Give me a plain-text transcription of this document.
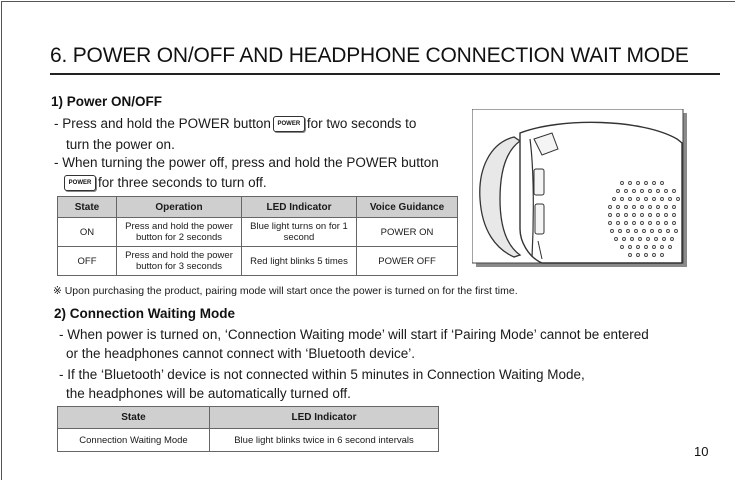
6. POWER ON/OFF AND HEADPHONE CONNECTION WAIT MODE
1) Power ON/OFF
- Press and hold the POWER button POWER for two seconds to
turn the power on.
- When turning the power off, press and hold the POWER button
POWER for three seconds to turn off.
State	Operation	LED Indicator	Voice Guidance
ON	Press and hold the power button for 2 seconds	Blue light turns on for 1 second	POWER ON
OFF	Press and hold the power button for 3 seconds	Red light blinks 5 times	POWER OFF
※ Upon purchasing the product, pairing mode will start once the power is turned on for the first time.
2) Connection Waiting Mode
- When power is turned on, ‘Connection Waiting mode’ will start if ‘Pairing Mode’ cannot be entered
or the headphones cannot connect with ‘Bluetooth device’.
- If the ‘Bluetooth’ device is not connected within 5 minutes in Connection Waiting Mode,
the headphones will be automatically turned off.
State	LED Indicator
Connection Waiting Mode	Blue light blinks twice in 6 second intervals
10
